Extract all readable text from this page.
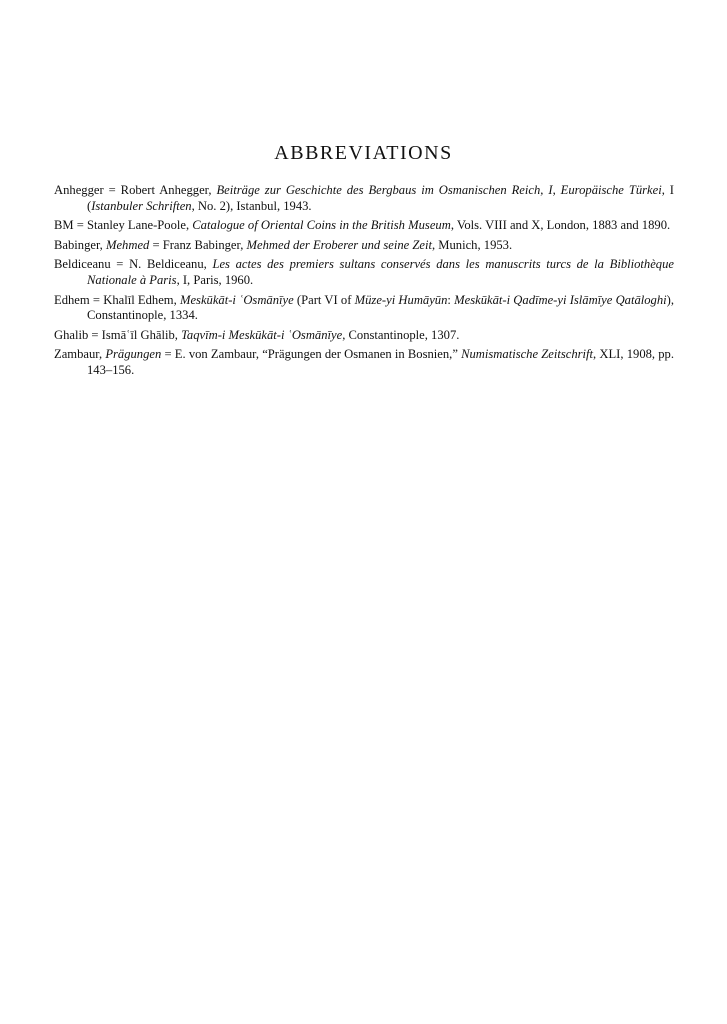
ABBREVIATIONS

Anhegger = Robert Anhegger, Beiträge zur Geschichte des Bergbaus im Osmanischen Reich, I, Europäische Türkei, I (Istanbuler Schriften, No. 2), Istanbul, 1943.

BM = Stanley Lane-Poole, Catalogue of Oriental Coins in the British Museum, Vols. VIII and X, London, 1883 and 1890.

Babinger, Mehmed = Franz Babinger, Mehmed der Eroberer und seine Zeit, Munich, 1953.

Beldiceanu = N. Beldiceanu, Les actes des premiers sultans conservés dans les manuscrits turcs de la Bibliothèque Nationale à Paris, I, Paris, 1960.

Edhem = Khalīl Edhem, Meskūkāt-i ʿOsmānīye (Part VI of Müze-yi Humāyūn: Meskūkāt-i Qadīme-yi Islāmīye Qatāloghi), Constantinople, 1334.

Ghalib = Ismāʿīl Ghālib, Taqvīm-i Meskūkāt-i ʿOsmānīye, Constantinople, 1307.

Zambaur, Prägungen = E. von Zambaur, “Prägungen der Osmanen in Bosnien,” Numismatische Zeitschrift, XLI, 1908, pp. 143–156.
